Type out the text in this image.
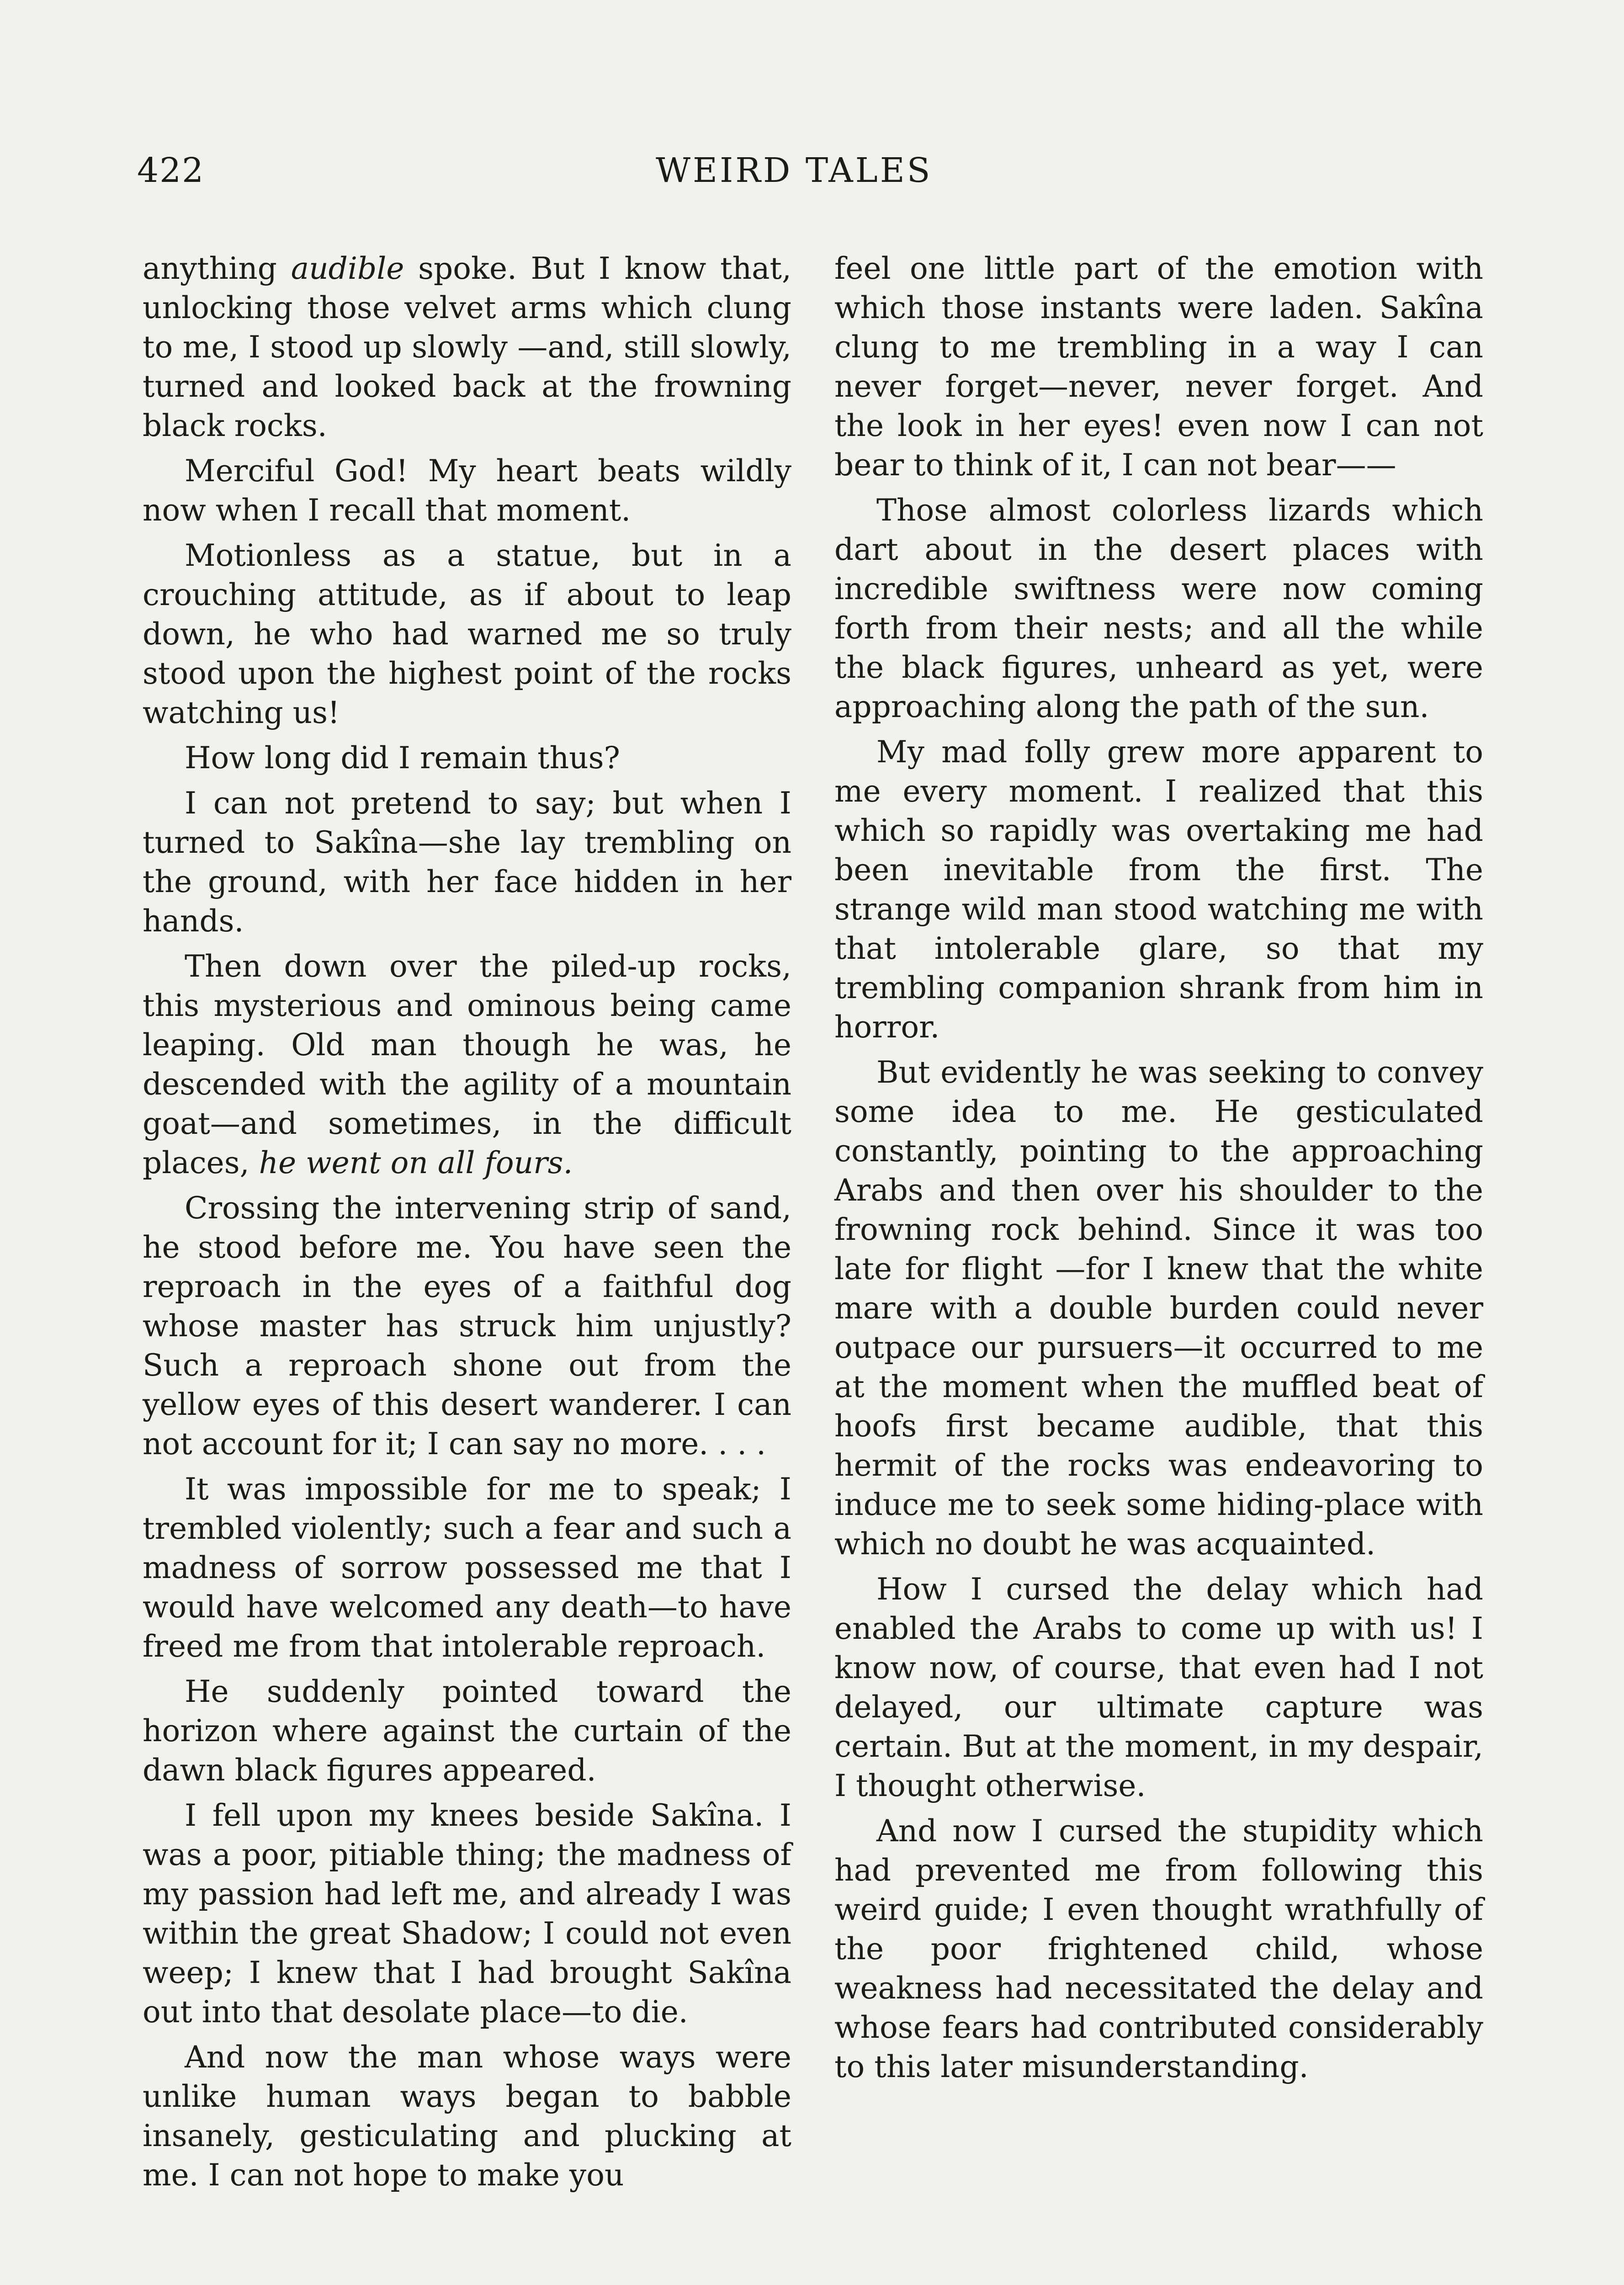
422	WEIRD TALES

anything audible spoke. But I know that, unlocking those velvet arms which clung to me, I stood up slowly —and, still slowly, turned and looked back at the frowning black rocks.

Merciful God! My heart beats wildly now when I recall that moment.

Motionless as a statue, but in a crouching attitude, as if about to leap down, he who had warned me so truly stood upon the highest point of the rocks watching us!

How long did I remain thus?

I can not pretend to say; but when I turned to Sakîna—she lay trembling on the ground, with her face hidden in her hands.

Then down over the piled-up rocks, this mysterious and ominous being came leaping. Old man though he was, he descended with the agility of a mountain goat—and sometimes, in the difficult places, he went on all fours.

Crossing the intervening strip of sand, he stood before me. You have seen the reproach in the eyes of a faithful dog whose master has struck him unjustly? Such a reproach shone out from the yellow eyes of this desert wanderer. I can not account for it; I can say no more. . . .

It was impossible for me to speak; I trembled violently; such a fear and such a madness of sorrow possessed me that I would have welcomed any death—to have freed me from that intolerable reproach.

He suddenly pointed toward the horizon where against the curtain of the dawn black figures appeared.

I fell upon my knees beside Sakîna. I was a poor, pitiable thing; the madness of my passion had left me, and already I was within the great Shadow; I could not even weep; I knew that I had brought Sakîna out into that desolate place—to die.

And now the man whose ways were unlike human ways began to babble insanely, gesticulating and plucking at me. I can not hope to make you

feel one little part of the emotion with which those instants were laden. Sakîna clung to me trembling in a way I can never forget—never, never forget. And the look in her eyes! even now I can not bear to think of it, I can not bear——

Those almost colorless lizards which dart about in the desert places with incredible swiftness were now coming forth from their nests; and all the while the black figures, unheard as yet, were approaching along the path of the sun.

My mad folly grew more apparent to me every moment. I realized that this which so rapidly was overtaking me had been inevitable from the first. The strange wild man stood watching me with that intolerable glare, so that my trembling companion shrank from him in horror.

But evidently he was seeking to convey some idea to me. He gesticulated constantly, pointing to the approaching Arabs and then over his shoulder to the frowning rock behind. Since it was too late for flight —for I knew that the white mare with a double burden could never outpace our pursuers—it occurred to me at the moment when the muffled beat of hoofs first became audible, that this hermit of the rocks was endeavoring to induce me to seek some hiding-place with which no doubt he was acquainted.

How I cursed the delay which had enabled the Arabs to come up with us! I know now, of course, that even had I not delayed, our ultimate capture was certain. But at the moment, in my despair, I thought otherwise.

And now I cursed the stupidity which had prevented me from following this weird guide; I even thought wrathfully of the poor frightened child, whose weakness had necessitated the delay and whose fears had contributed considerably to this later misunderstanding.
